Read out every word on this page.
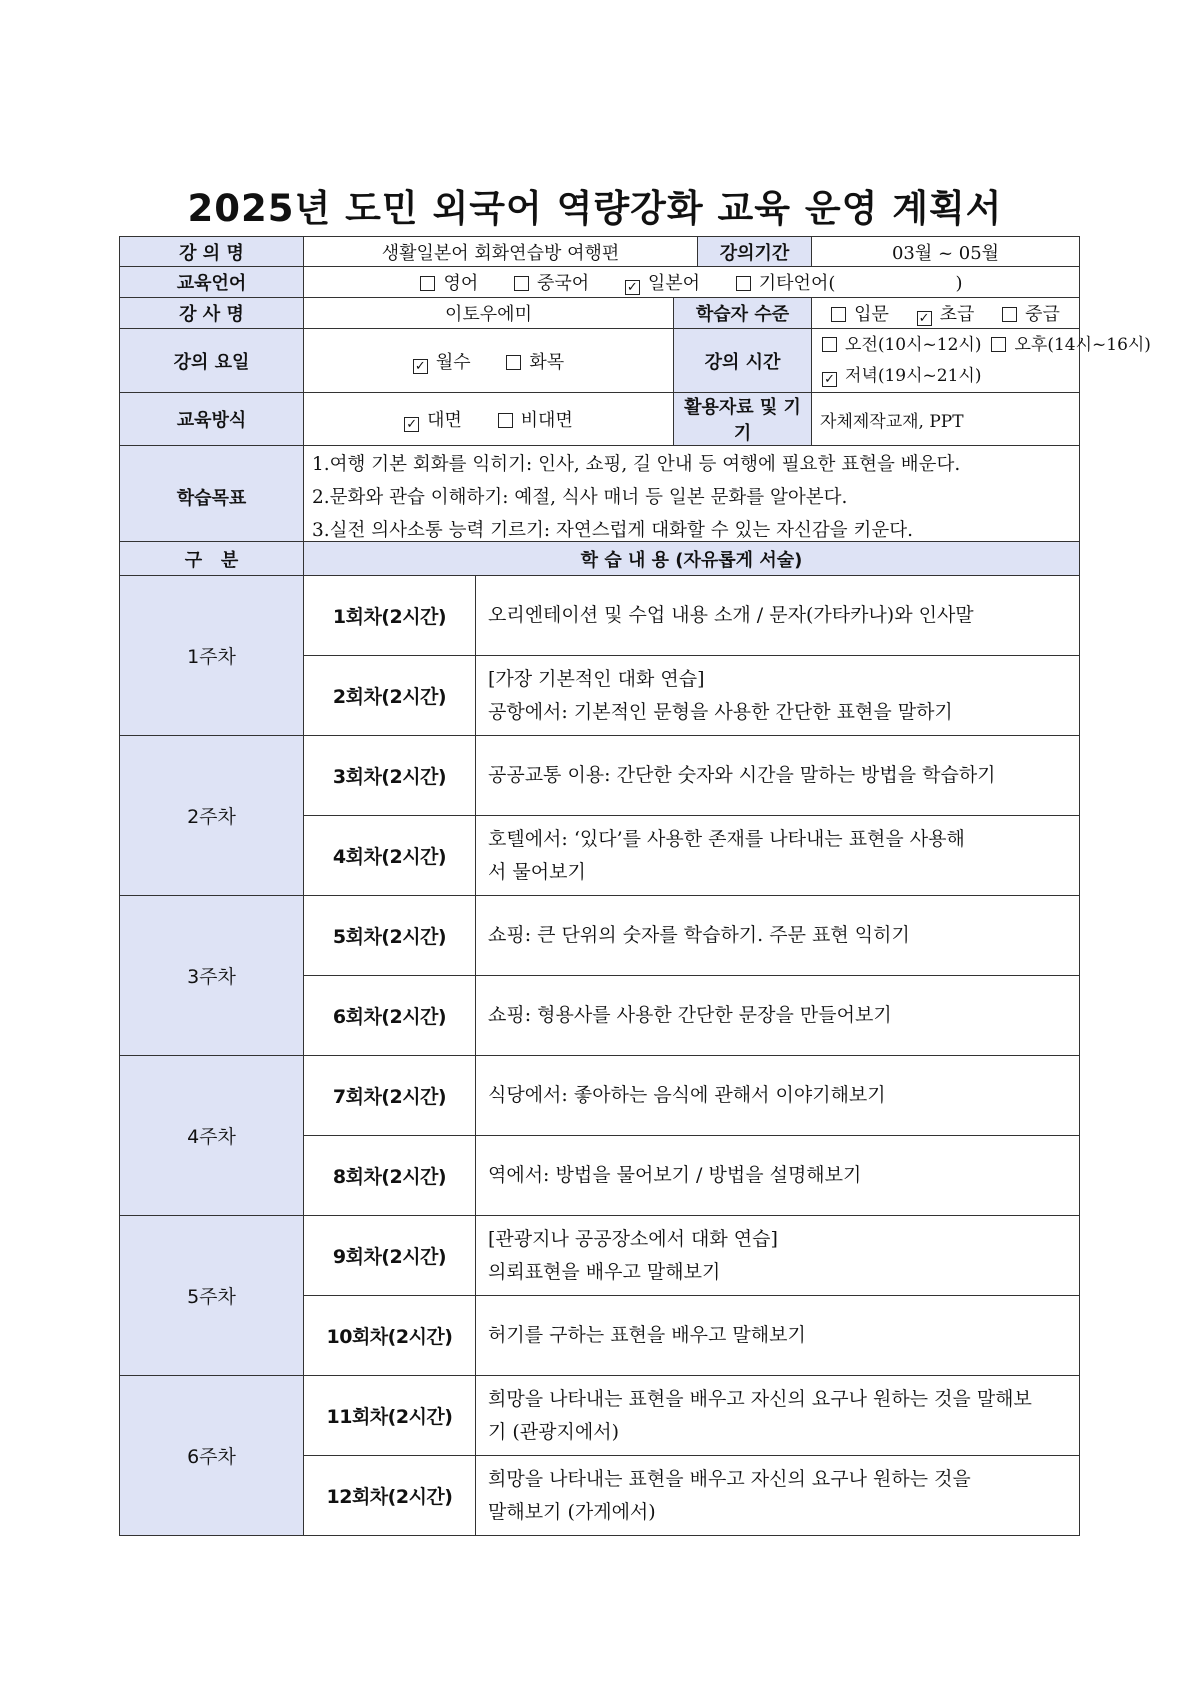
2025년 도민 외국어 역량강화 교육 운영 계획서
강 의 명	생활일본어 회화연습방 여행편		강의기간	03월 ~ 05월
교육언어	영어 중국어 ✓ 일본어 기타언어(                     )			
강 사 명	이토우에미	학습자 수준		입문 ✓ 초급 중급
강의 요일	✓ 월수 화목	강의 시간		오전(10시~12시) 오후(14시~16시)
✓ 저녁(19시~21시)

교육방식	✓ 대면 비대면	활용자료 및 기기		자체제작교재, PPT
학습목표	1.여행 기본 회화를 익히기: 인사, 쇼핑, 길 안내 등 여행에 필요한 표현을 배운다.
2.문화와 관습 이해하기: 예절, 식사 매너 등 일본 문화를 알아본다.
3.실전 의사소통 능력 기르기: 자연스럽게 대화할 수 있는 자신감을 키운다.			
구   분	학 습 내 용 (자유롭게 서술)	
1주차	1회차(2시간)	오리엔테이션 및 수업 내용 소개 / 문자(가타카나)와 인사말

	2회차(2시간)	[가장 기본적인 대화 연습]
공항에서: 기본적인 문형을 사용한 간단한 표현을 말하기

2주차	3회차(2시간)	공공교통 이용: 간단한 숫자와 시간을 말하는 방법을 학습하기

	4회차(2시간)	호텔에서: ‘있다’를 사용한 존재를 나타내는 표현을 사용해
서 물어보기

3주차	5회차(2시간)	쇼핑: 큰 단위의 숫자를 학습하기. 주문 표현 익히기

	6회차(2시간)	쇼핑: 형용사를 사용한 간단한 문장을 만들어보기

4주차	7회차(2시간)	식당에서: 좋아하는 음식에 관해서 이야기해보기

	8회차(2시간)	역에서: 방법을 물어보기 / 방법을 설명해보기

5주차	9회차(2시간)	[관광지나 공공장소에서 대화 연습]
의뢰표현을 배우고 말해보기

	10회차(2시간)	허기를 구하는 표현을 배우고 말해보기

6주차	11회차(2시간)	희망을 나타내는 표현을 배우고 자신의 요구나 원하는 것을 말해보
기 (관광지에서)

	12회차(2시간)	희망을 나타내는 표현을 배우고 자신의 요구나 원하는 것을
말해보기 (가게에서)
